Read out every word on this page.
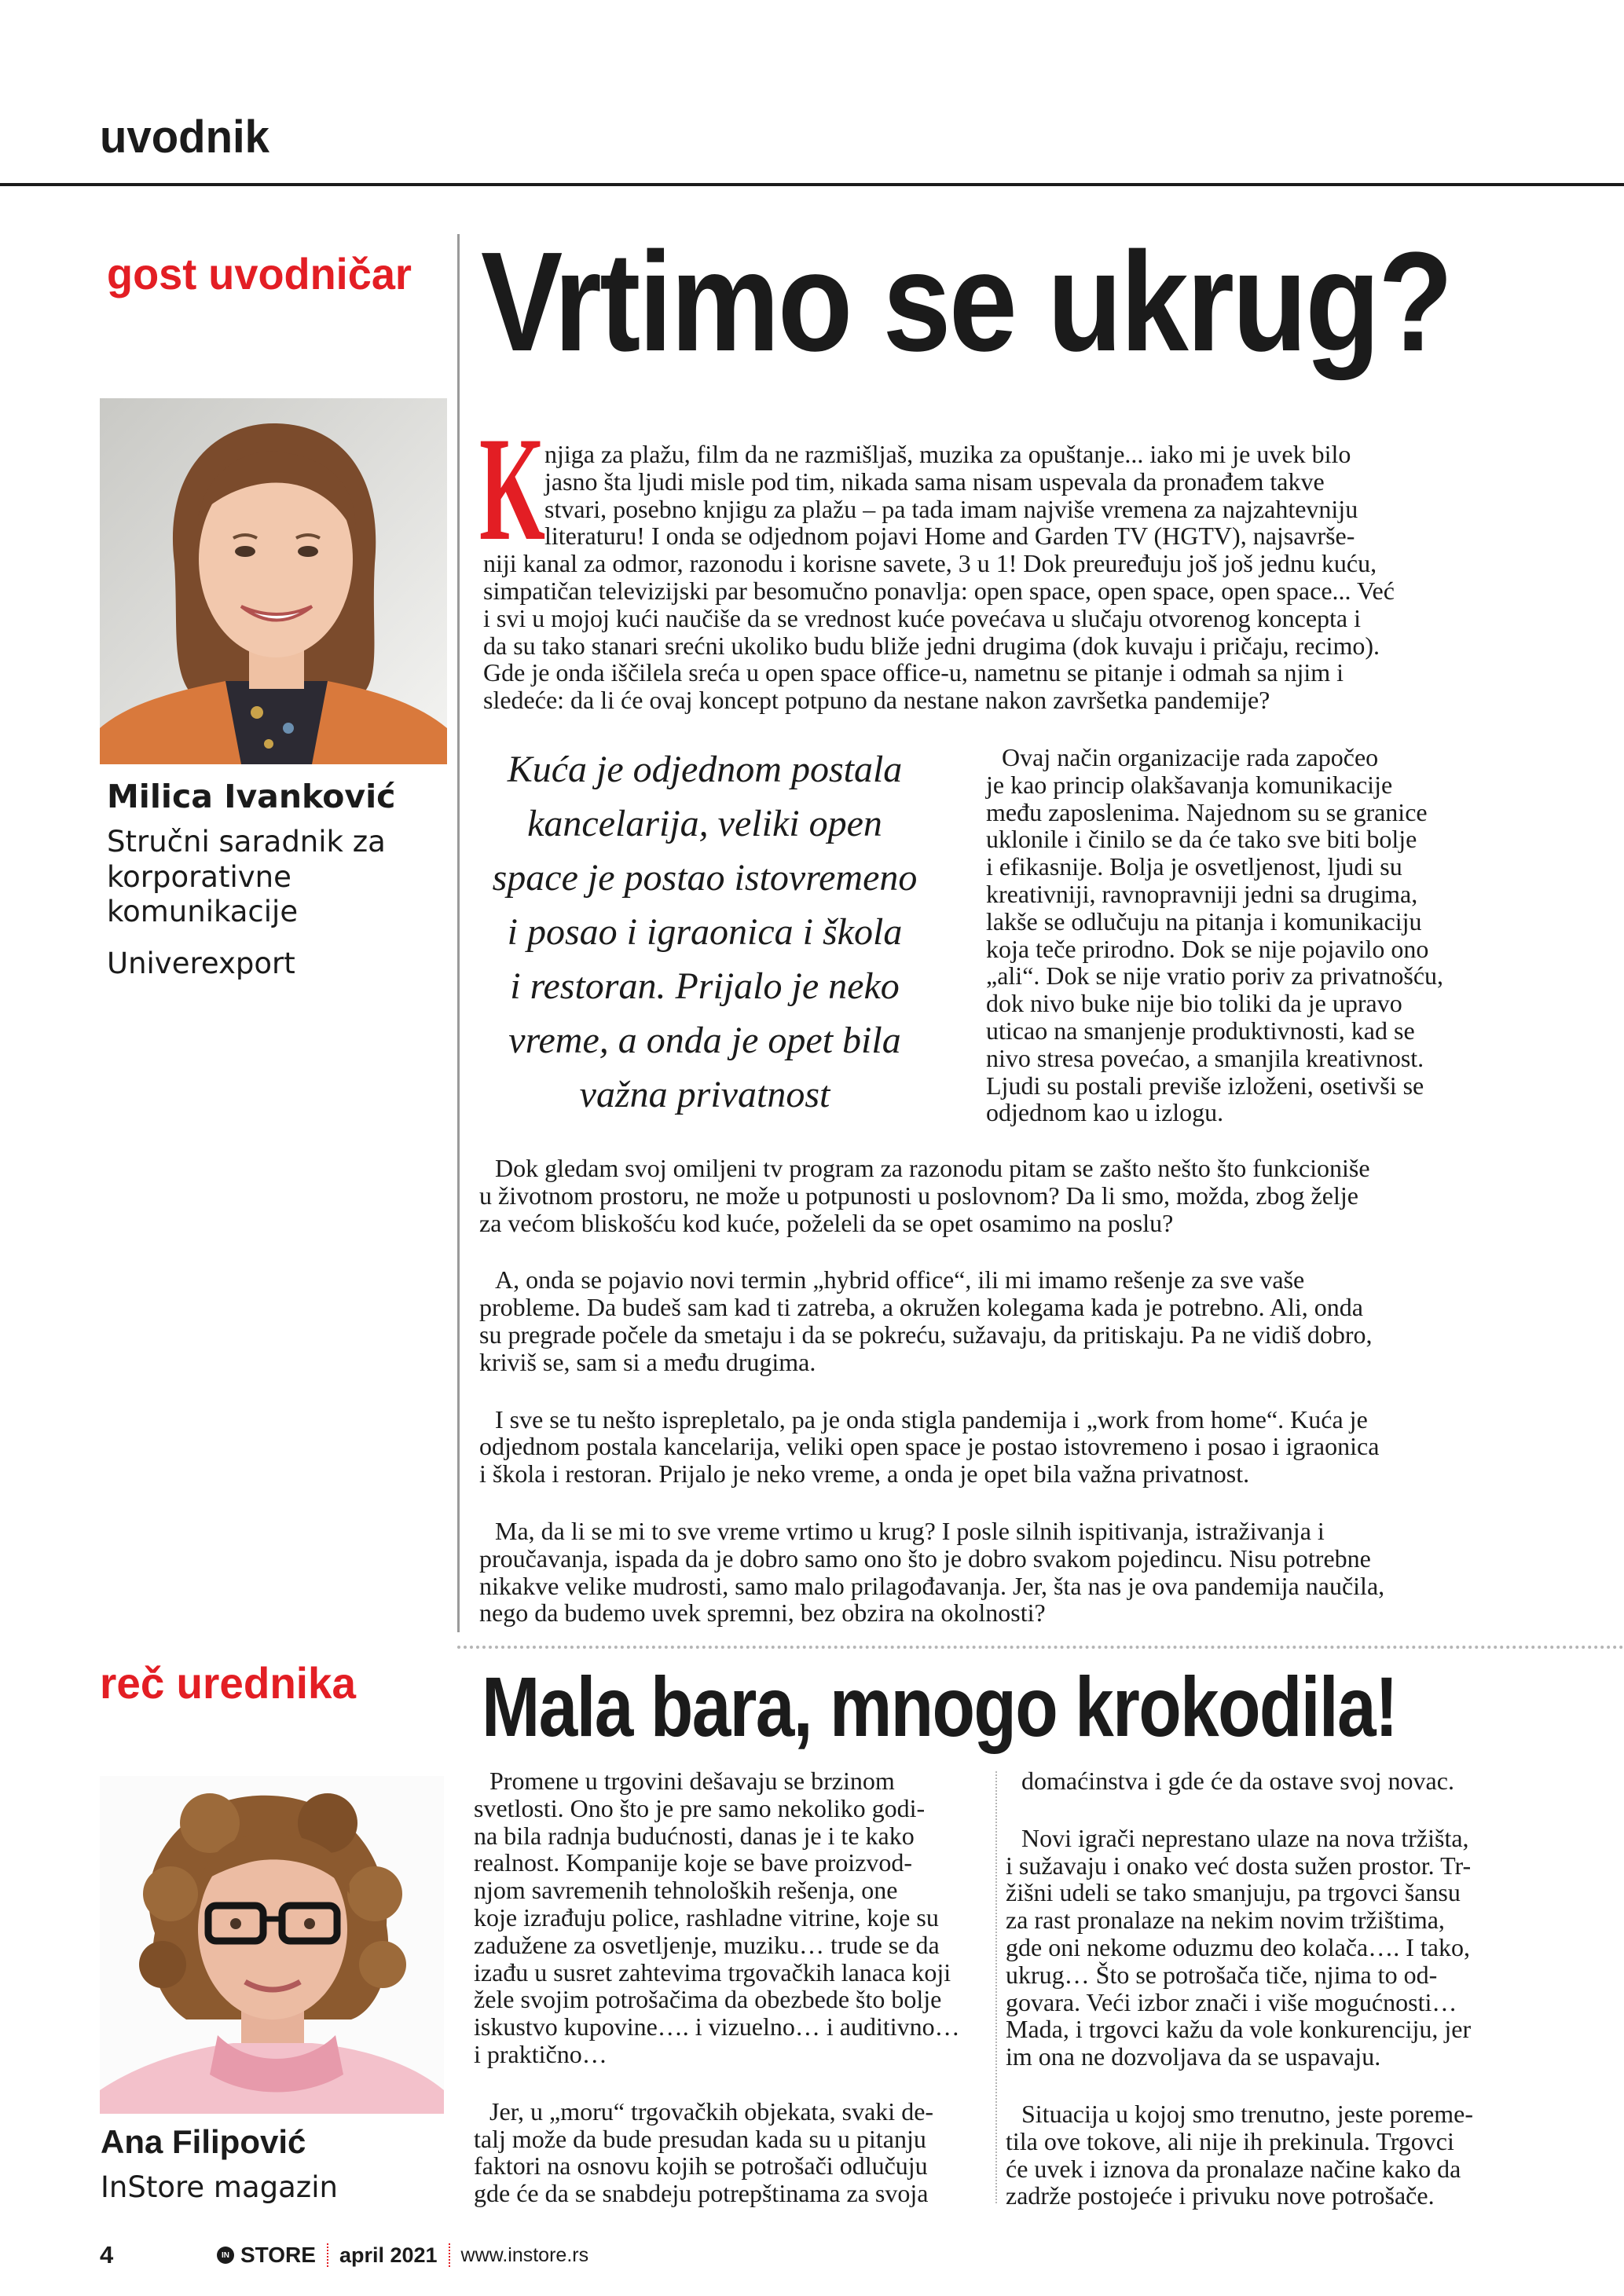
uvodnik
gost uvodničar
Milica Ivanković
Stručni saradnik za
korporativne
komunikacije
Univerexport
Vrtimo se ukrug?
K njiga za plažu, film da ne razmišljaš, muzika za opuštanje... iako mi je uvek bilo
jasno šta ljudi misle pod tim, nikada sama nisam uspevala da pronađem takve
stvari, posebno knjigu za plažu – pa tada imam najviše vremena za najzahtevniju
literaturu! I onda se odjednom pojavi Home and Garden TV (HGTV), najsavrše-
niji kanal za odmor, razonodu i korisne savete, 3 u 1! Dok preuređuju još još jednu kuću,
simpatičan televizijski par besomučno ponavlja: open space, open space, open space... Već
i svi u mojoj kući naučiše da se vrednost kuće povećava u slučaju otvorenog koncepta i
da su tako stanari srećni ukoliko budu bliže jedni drugima (dok kuvaju i pričaju, recimo).
Gde je onda iščilela sreća u open space office-u, nametnu se pitanje i odmah sa njim i
sledeće: da li će ovaj koncept potpuno da nestane nakon završetka pandemije?
Kuća je odjednom postala
kancelarija, veliki open
space je postao istovremeno
i posao i igraonica i škola
i restoran. Prijalo je neko
vreme, a onda je opet bila
važna privatnost
Ovaj način organizacije rada započeo
je kao princip olakšavanja komunikacije
među zaposlenima. Najednom su se granice
uklonile i činilo se da će tako sve biti bolje
i efikasnije. Bolja je osvetljenost, ljudi su
kreativniji, ravnopravniji jedni sa drugima,
lakše se odlučuju na pitanja i komunikaciju
koja teče prirodno. Dok se nije pojavilo ono
„ali“. Dok se nije vratio poriv za privatnošću,
dok nivo buke nije bio toliki da je upravo
uticao na smanjenje produktivnosti, kad se
nivo stresa povećao, a smanjila kreativnost.
Ljudi su postali previše izloženi, osetivši se
odjednom kao u izlogu.
Dok gledam svoj omiljeni tv program za razonodu pitam se zašto nešto što funkcioniše
u životnom prostoru, ne može u potpunosti u poslovnom? Da li smo, možda, zbog želje
za većom bliskošću kod kuće, poželeli da se opet osamimo na poslu?
A, onda se pojavio novi termin „hybrid office“, ili mi imamo rešenje za sve vaše
probleme. Da budeš sam kad ti zatreba, a okružen kolegama kada je potrebno. Ali, onda
su pregrade počele da smetaju i da se pokreću, sužavaju, da pritiskaju. Pa ne vidiš dobro,
kriviš se, sam si a među drugima.
I sve se tu nešto isprepletalo, pa je onda stigla pandemija i „work from home“. Kuća je
odjednom postala kancelarija, veliki open space je postao istovremeno i posao i igraonica
i škola i restoran. Prijalo je neko vreme, a onda je opet bila važna privatnost.
Ma, da li se mi to sve vreme vrtimo u krug? I posle silnih ispitivanja, istraživanja i
proučavanja, ispada da je dobro samo ono što je dobro svakom pojedincu. Nisu potrebne
nikakve velike mudrosti, samo malo prilagođavanja. Jer, šta nas je ova pandemija naučila,
nego da budemo uvek spremni, bez obzira na okolnosti?
reč urednika
Ana Filipović
InStore magazin
Mala bara, mnogo krokodila!
Promene u trgovini dešavaju se brzinom
svetlosti. Ono što je pre samo nekoliko godi-
na bila radnja budućnosti, danas je i te kako
realnost. Kompanije koje se bave proizvod-
njom savremenih tehnoloških rešenja, one
koje izrađuju police, rashladne vitrine, koje su
zadužene za osvetljenje, muziku… trude se da
izađu u susret zahtevima trgovačkih lanaca koji
žele svojim potrošačima da obezbede što bolje
iskustvo kupovine…. i vizuelno… i auditivno…
i praktično…
Jer, u „moru“ trgovačkih objekata, svaki de-
talj može da bude presudan kada su u pitanju
faktori na osnovu kojih se potrošači odlučuju
gde će da se snabdeju potrepštinama za svoja
domaćinstva i gde će da ostave svoj novac.
Novi igrači neprestano ulaze na nova tržišta,
i sužavaju i onako već dosta sužen prostor. Tr-
žišni udeli se tako smanjuju, pa trgovci šansu
za rast pronalaze na nekim novim tržištima,
gde oni nekome oduzmu deo kolača…. I tako,
ukrug… Što se potrošača tiče, njima to od-
govara. Veći izbor znači i više mogućnosti…
Mada, i trgovci kažu da vole konkurenciju, jer
im ona ne dozvoljava da se uspavaju.
Situacija u kojoj smo trenutno, jeste poreme-
tila ove tokove, ali nije ih prekinula. Trgovci
će uvek i iznova da pronalaze načine kako da
zadrže postojeće i privuku nove potrošače.
4	IN STORE april 2021 www.instore.rs
